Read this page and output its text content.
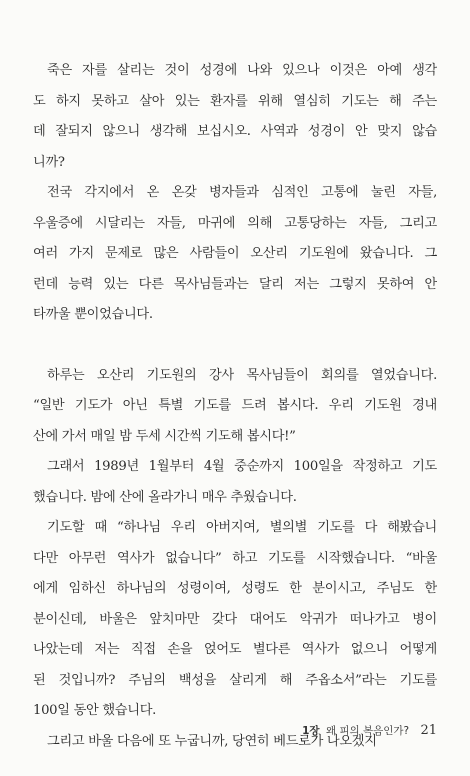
죽은 자를 살리는 것이 성경에 나와 있으나 이것은 아예 생각
도 하지 못하고 살아 있는 환자를 위해 열심히 기도는 해 주는
데 잘되지 않으니 생각해 보십시오. 사역과 성경이 안 맞지 않습
니까?
전국 각지에서 온 온갖 병자들과 심적인 고통에 눌린 자들,
우울증에 시달리는 자들, 마귀에 의해 고통당하는 자들, 그리고
여러 가지 문제로 많은 사람들이 오산리 기도원에 왔습니다. 그
런데 능력 있는 다른 목사님들과는 달리 저는 그렇지 못하여 안
타까울 뿐이었습니다.
하루는 오산리 기도원의 강사 목사님들이 회의를 열었습니다.
“일반 기도가 아닌 특별 기도를 드려 봅시다. 우리 기도원 경내
산에 가서 매일 밤 두세 시간씩 기도해 봅시다!”
그래서 1989년 1월부터 4월 중순까지 100일을 작정하고 기도
했습니다. 밤에 산에 올라가니 매우 추웠습니다.
기도할 때 “하나님 우리 아버지여, 별의별 기도를 다 해봤습니
다만 아무런 역사가 없습니다” 하고 기도를 시작했습니다. “바울
에게 임하신 하나님의 성령이여, 성령도 한 분이시고, 주님도 한
분이신데, 바울은 앞치마만 갖다 대어도 악귀가 떠나가고 병이
나았는데 저는 직접 손을 얹어도 별다른 역사가 없으니 어떻게
된 것입니까? 주님의 백성을 살리게 해 주옵소서”라는 기도를
100일 동안 했습니다.
그리고 바울 다음에 또 누굽니까, 당연히 베드로가 나오겠지
1장 왜 피의 복음인가? 21
